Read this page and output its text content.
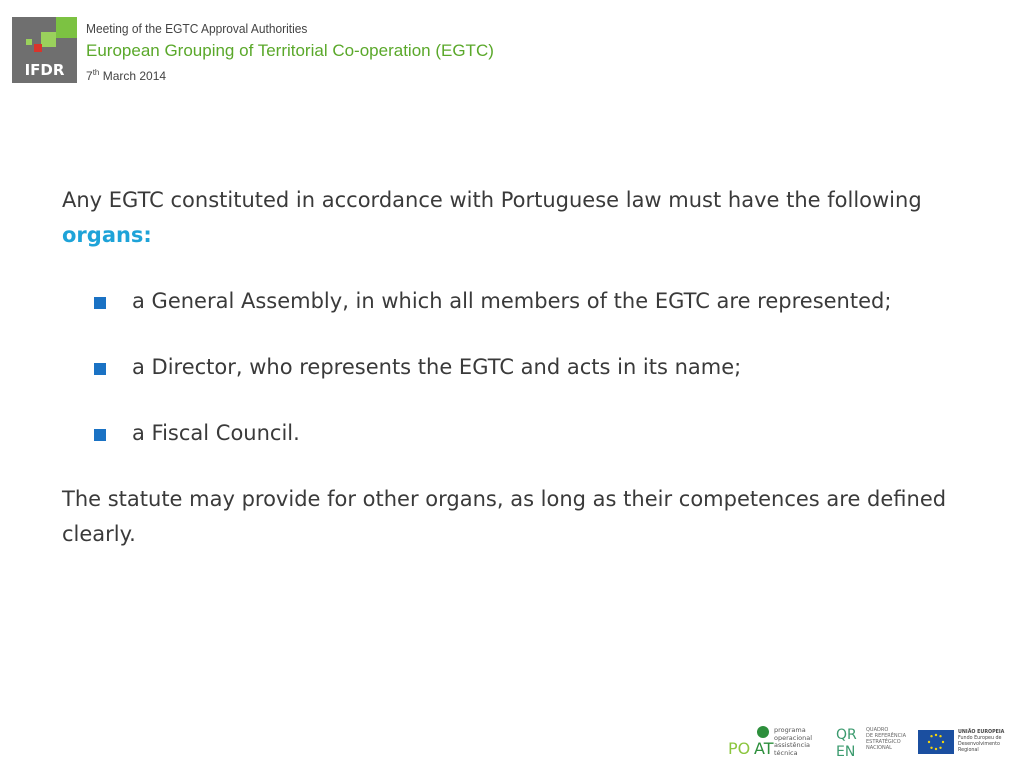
IFDR
Meeting of the EGTC Approval Authorities
European Grouping of Territorial Co-operation (EGTC)
7th March 2014

Any EGTC constituted in accordance with Portuguese law must have the following organs:

a General Assembly, in which all members of the EGTC are represented;
a Director, who represents the EGTC and acts in its name;
a Fiscal Council.

The statute may provide for other organs, as long as their competences are defined clearly.

PO AT
programa
operacional
assistência
técnica
QR
EN
QUADRO
DE REFERÊNCIA
ESTRATÉGICO
NACIONAL
UNIÃO EUROPEIA
Fundo Europeu de
Desenvolvimento Regional
